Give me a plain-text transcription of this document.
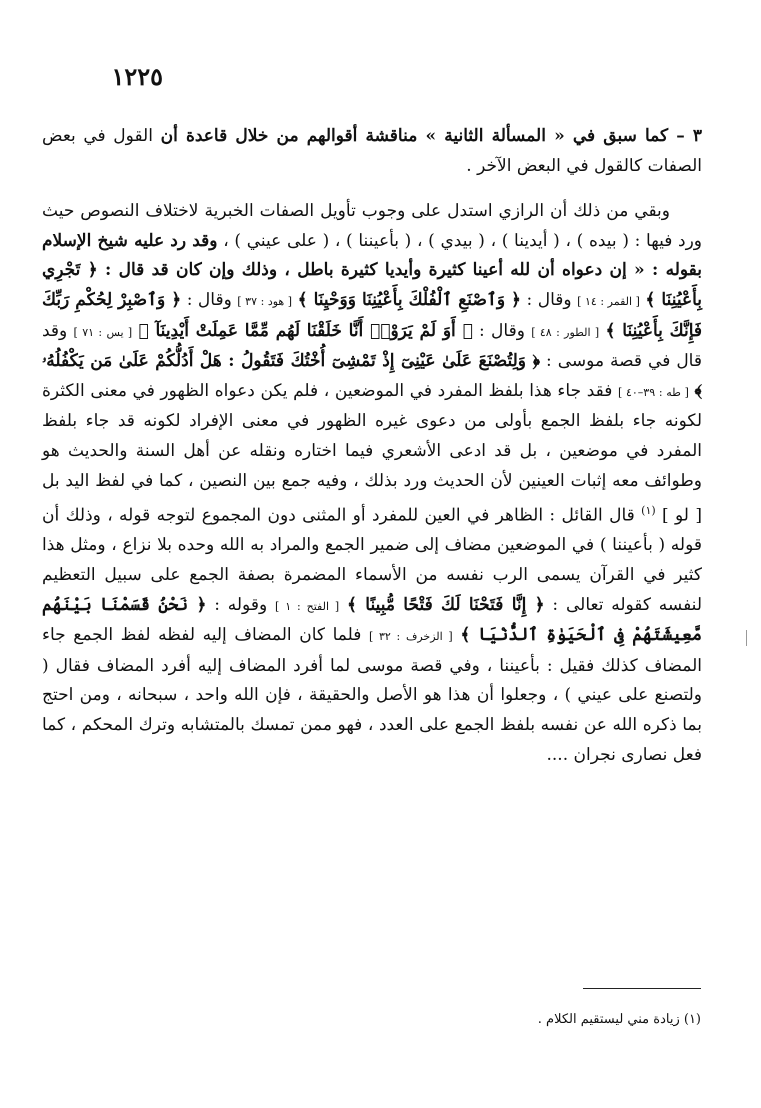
١٢٢٥

٣ – كما سبق في « المسألة الثانية » مناقشة أقوالهم من خلال قاعدة أن القول في بعض الصفات كالقول في البعض الآخر .

وبقي من ذلك أن الرازي استدل على وجوب تأويل الصفات الخبرية لاختلاف النصوص حيث ورد فيها : ( بيده ) ، ( أيدينا ) ، ( بيدي ) ، ( بأعيننا ) ، ( على عيني ) ، وقد رد عليه شيخ الإسلام بقوله : « إن دعواه أن لله أعينا كثيرة وأيديا كثيرة باطل ، وذلك وإن كان قد قال : ﴿ تَجْرِي بِأَعْيُنِنَا ﴾ [ القمر : ١٤ ] وقال : ﴿ وَٱصْنَعِ ٱلْفُلْكَ بِأَعْيُنِنَا وَوَحْيِنَا ﴾ [ هود : ٣٧ ] وقال : ﴿ وَٱصْبِرْ لِحُكْمِ رَبِّكَ فَإِنَّكَ بِأَعْيُنِنَا ﴾ [ الطور : ٤٨ ] وقال : ﴿ أَوَ لَمْ يَرَوْا۟ أَنَّا خَلَقْنَا لَهُم مِّمَّا عَمِلَتْ أَيْدِينَآ ﴾ [ يس : ٧١ ] وقد قال في قصة موسى : ﴿ وَلِتُصْنَعَ عَلَىٰ عَيْنِىٓ إِذْ تَمْشِىٓ أُخْتُكَ فَتَقُولُ : هَلْ أَدُلُّكُمْ عَلَىٰ مَن يَكْفُلُهُۥ ﴾ [ طه : ٣٩–٤٠ ] فقد جاء هذا بلفظ المفرد في الموضعين ، فلم يكن دعواه الظهور في معنى الكثرة لكونه جاء بلفظ الجمع بأولى من دعوى غيره الظهور في معنى الإفراد لكونه قد جاء بلفظ المفرد في موضعين ، بل قد ادعى الأشعري فيما اختاره ونقله عن أهل السنة والحديث هو وطوائف معه إثبات العينين لأن الحديث ورد بذلك ، وفيه جمع بين النصين ، كما في لفظ اليد بل [ لو ] $^{(١)}$ قال القائل : الظاهر في العين للمفرد أو المثنى دون المجموع لتوجه قوله ، وذلك أن قوله ( بأعيننا ) في الموضعين مضاف إلى ضمير الجمع والمراد به الله وحده بلا نزاع ، ومثل هذا كثير في القرآن يسمى الرب نفسه من الأسماء المضمرة بصفة الجمع على سبيل التعظيم لنفسه كقوله تعالى : ﴿ إِنَّا فَتَحْنَا لَكَ فَتْحًا مُّبِينًا ﴾ [ الفتح : ١ ] وقوله : ﴿ نَحْنُ قَسَمْنَا بَيْنَهُم مَّعِيشَتَهُمْ فِى ٱلْحَيَوٰةِ ٱلدُّنْيَا ﴾ [ الزخرف : ٣٢ ] فلما كان المضاف إليه لفظه لفظ الجمع جاء المضاف كذلك فقيل : بأعيننا ، وفي قصة موسى لما أفرد المضاف إليه أفرد المضاف فقال ( ولتصنع على عيني ) ، وجعلوا أن هذا هو الأصل والحقيقة ، فإن الله واحد ، سبحانه ، ومن احتج بما ذكره الله عن نفسه بلفظ الجمع على العدد ، فهو ممن تمسك بالمتشابه وترك المحكم ، كما فعل نصارى نجران ....

(١) زيادة مني ليستقيم الكلام .
